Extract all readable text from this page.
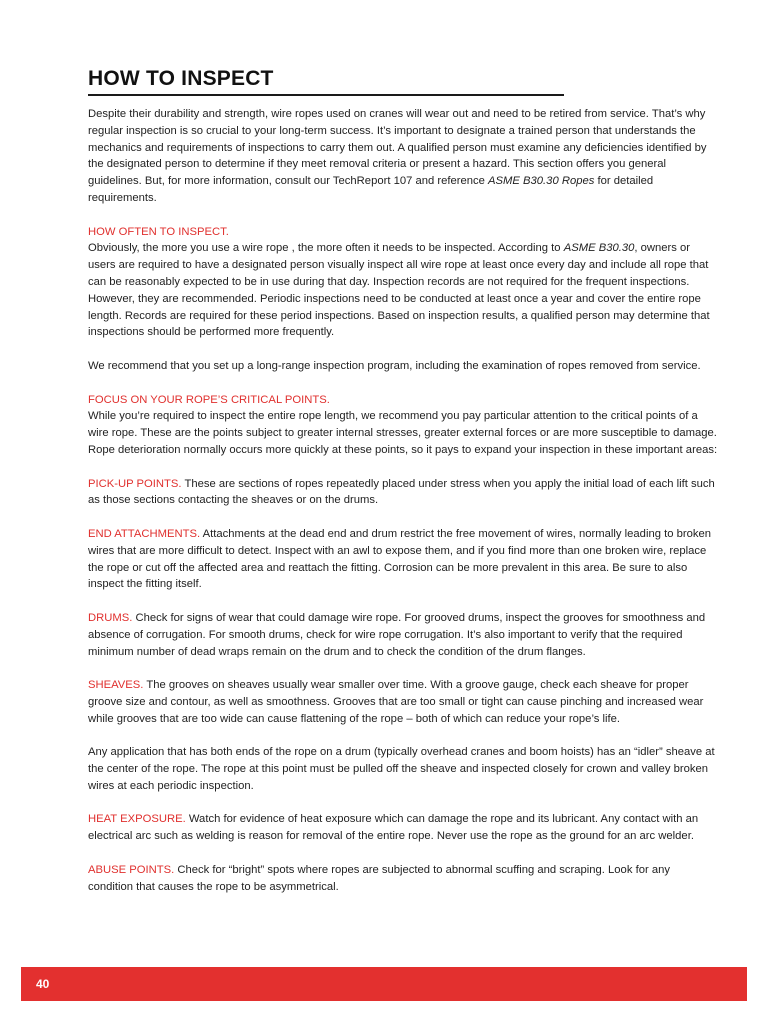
HOW TO INSPECT

Despite their durability and strength, wire ropes used on cranes will wear out and need to be retired from service. That’s why regular inspection is so crucial to your long-term success. It’s important to designate a trained person that understands the mechanics and requirements of inspections to carry them out. A qualified person must examine any deficiencies identified by the designated person to determine if they meet removal criteria or present a hazard. This section offers you general guidelines. But, for more information, consult our TechReport 107 and reference ASME B30.30 Ropes for detailed requirements.

HOW OFTEN TO INSPECT.
Obviously, the more you use a wire rope , the more often it needs to be inspected. According to ASME B30.30, owners or users are required to have a designated person visually inspect all wire rope at least once every day and include all rope that can be reasonably expected to be in use during that day. Inspection records are not required for the frequent inspections. However, they are recommended. Periodic inspections need to be conducted at least once a year and cover the entire rope length. Records are required for these period inspections. Based on inspection results, a qualified person may determine that inspections should be performed more frequently.

We recommend that you set up a long-range inspection program, including the examination of ropes removed from service.

FOCUS ON YOUR ROPE’S CRITICAL POINTS.
While you’re required to inspect the entire rope length, we recommend you pay particular attention to the critical points of a wire rope. These are the points subject to greater internal stresses, greater external forces or are more susceptible to damage. Rope deterioration normally occurs more quickly at these points, so it pays to expand your inspection in these important areas:

PICK-UP POINTS. These are sections of ropes repeatedly placed under stress when you apply the initial load of each lift such as those sections contacting the sheaves or on the drums.

END ATTACHMENTS. Attachments at the dead end and drum restrict the free movement of wires, normally leading to broken wires that are more difficult to detect. Inspect with an awl to expose them, and if you find more than one broken wire, replace the rope or cut off the affected area and reattach the fitting. Corrosion can be more prevalent in this area. Be sure to also inspect the fitting itself.

DRUMS. Check for signs of wear that could damage wire rope. For grooved drums, inspect the grooves for smoothness and absence of corrugation. For smooth drums, check for wire rope corrugation. It’s also important to verify that the required minimum number of dead wraps remain on the drum and to check the condition of the drum flanges.

SHEAVES. The grooves on sheaves usually wear smaller over time. With a groove gauge, check each sheave for proper groove size and contour, as well as smoothness. Grooves that are too small or tight can cause pinching and increased wear while grooves that are too wide can cause flattening of the rope – both of which can reduce your rope’s life.

Any application that has both ends of the rope on a drum (typically overhead cranes and boom hoists) has an “idler” sheave at the center of the rope. The rope at this point must be pulled off the sheave and inspected closely for crown and valley broken wires at each periodic inspection.

HEAT EXPOSURE. Watch for evidence of heat exposure which can damage the rope and its lubricant. Any contact with an electrical arc such as welding is reason for removal of the entire rope. Never use the rope as the ground for an arc welder.

ABUSE POINTS. Check for “bright” spots where ropes are subjected to abnormal scuffing and scraping. Look for any condition that causes the rope to be asymmetrical.

40
